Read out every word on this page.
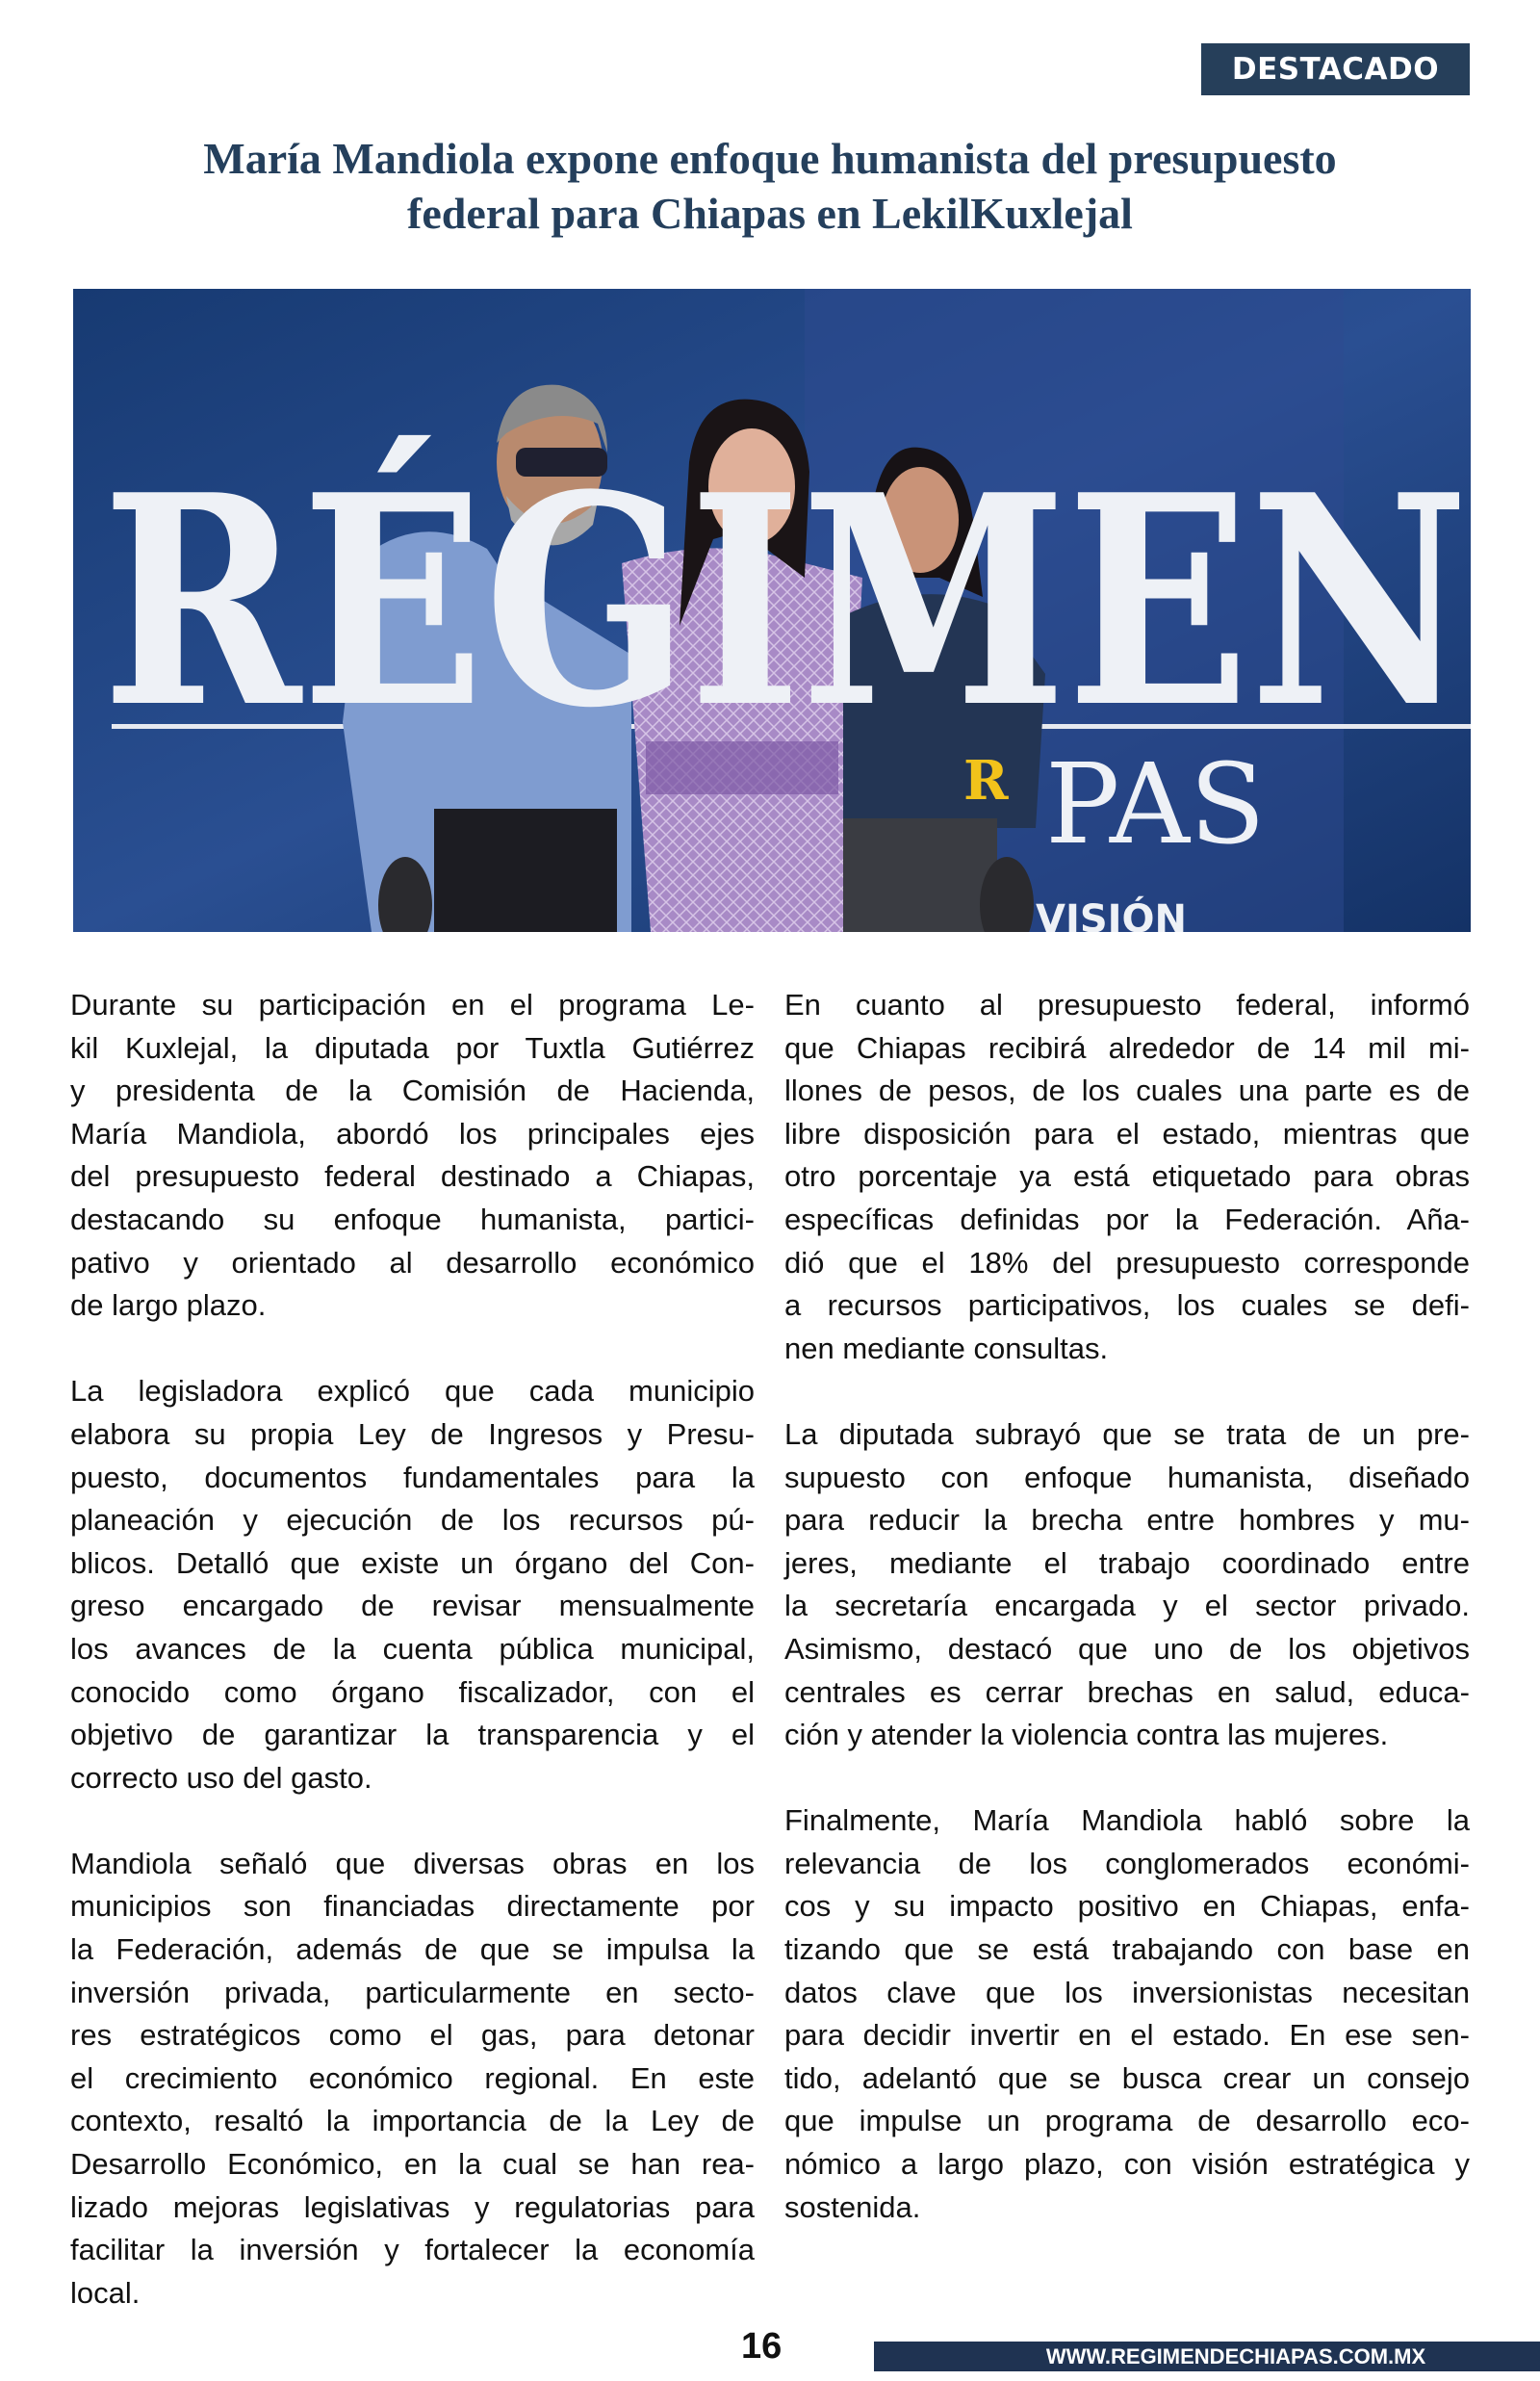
DESTACADO
María Mandiola expone enfoque humanista del presupuesto
federal para Chiapas en LekilKuxlejal
PAS
VISIÓN
R
RÉGIMEN
Durante su participación en el programa Le-
kil Kuxlejal, la diputada por Tuxtla Gutiérrez
y presidenta de la Comisión de Hacienda,
María Mandiola, abordó los principales ejes
del presupuesto federal destinado a Chiapas,
destacando su enfoque humanista, partici-
pativo y orientado al desarrollo económico
de largo plazo.
La legisladora explicó que cada municipio
elabora su propia Ley de Ingresos y Presu-
puesto, documentos fundamentales para la
planeación y ejecución de los recursos pú-
blicos. Detalló que existe un órgano del Con-
greso encargado de revisar mensualmente
los avances de la cuenta pública municipal,
conocido como órgano fiscalizador, con el
objetivo de garantizar la transparencia y el
correcto uso del gasto.
Mandiola señaló que diversas obras en los
municipios son financiadas directamente por
la Federación, además de que se impulsa la
inversión privada, particularmente en secto-
res estratégicos como el gas, para detonar
el crecimiento económico regional. En este
contexto, resaltó la importancia de la Ley de
Desarrollo Económico, en la cual se han rea-
lizado mejoras legislativas y regulatorias para
facilitar la inversión y fortalecer la economía
local.
En cuanto al presupuesto federal, informó
que Chiapas recibirá alrededor de 14 mil mi-
llones de pesos, de los cuales una parte es de
libre disposición para el estado, mientras que
otro porcentaje ya está etiquetado para obras
específicas definidas por la Federación. Aña-
dió que el 18% del presupuesto corresponde
a recursos participativos, los cuales se defi-
nen mediante consultas.
La diputada subrayó que se trata de un pre-
supuesto con enfoque humanista, diseñado
para reducir la brecha entre hombres y mu-
jeres, mediante el trabajo coordinado entre
la secretaría encargada y el sector privado.
Asimismo, destacó que uno de los objetivos
centrales es cerrar brechas en salud, educa-
ción y atender la violencia contra las mujeres.
Finalmente, María Mandiola habló sobre la
relevancia de los conglomerados económi-
cos y su impacto positivo en Chiapas, enfa-
tizando que se está trabajando con base en
datos clave que los inversionistas necesitan
para decidir invertir en el estado. En ese sen-
tido, adelantó que se busca crear un consejo
que impulse un programa de desarrollo eco-
nómico a largo plazo, con visión estratégica y
sostenida.
16	WWW.REGIMENDECHIAPAS.COM.MX
